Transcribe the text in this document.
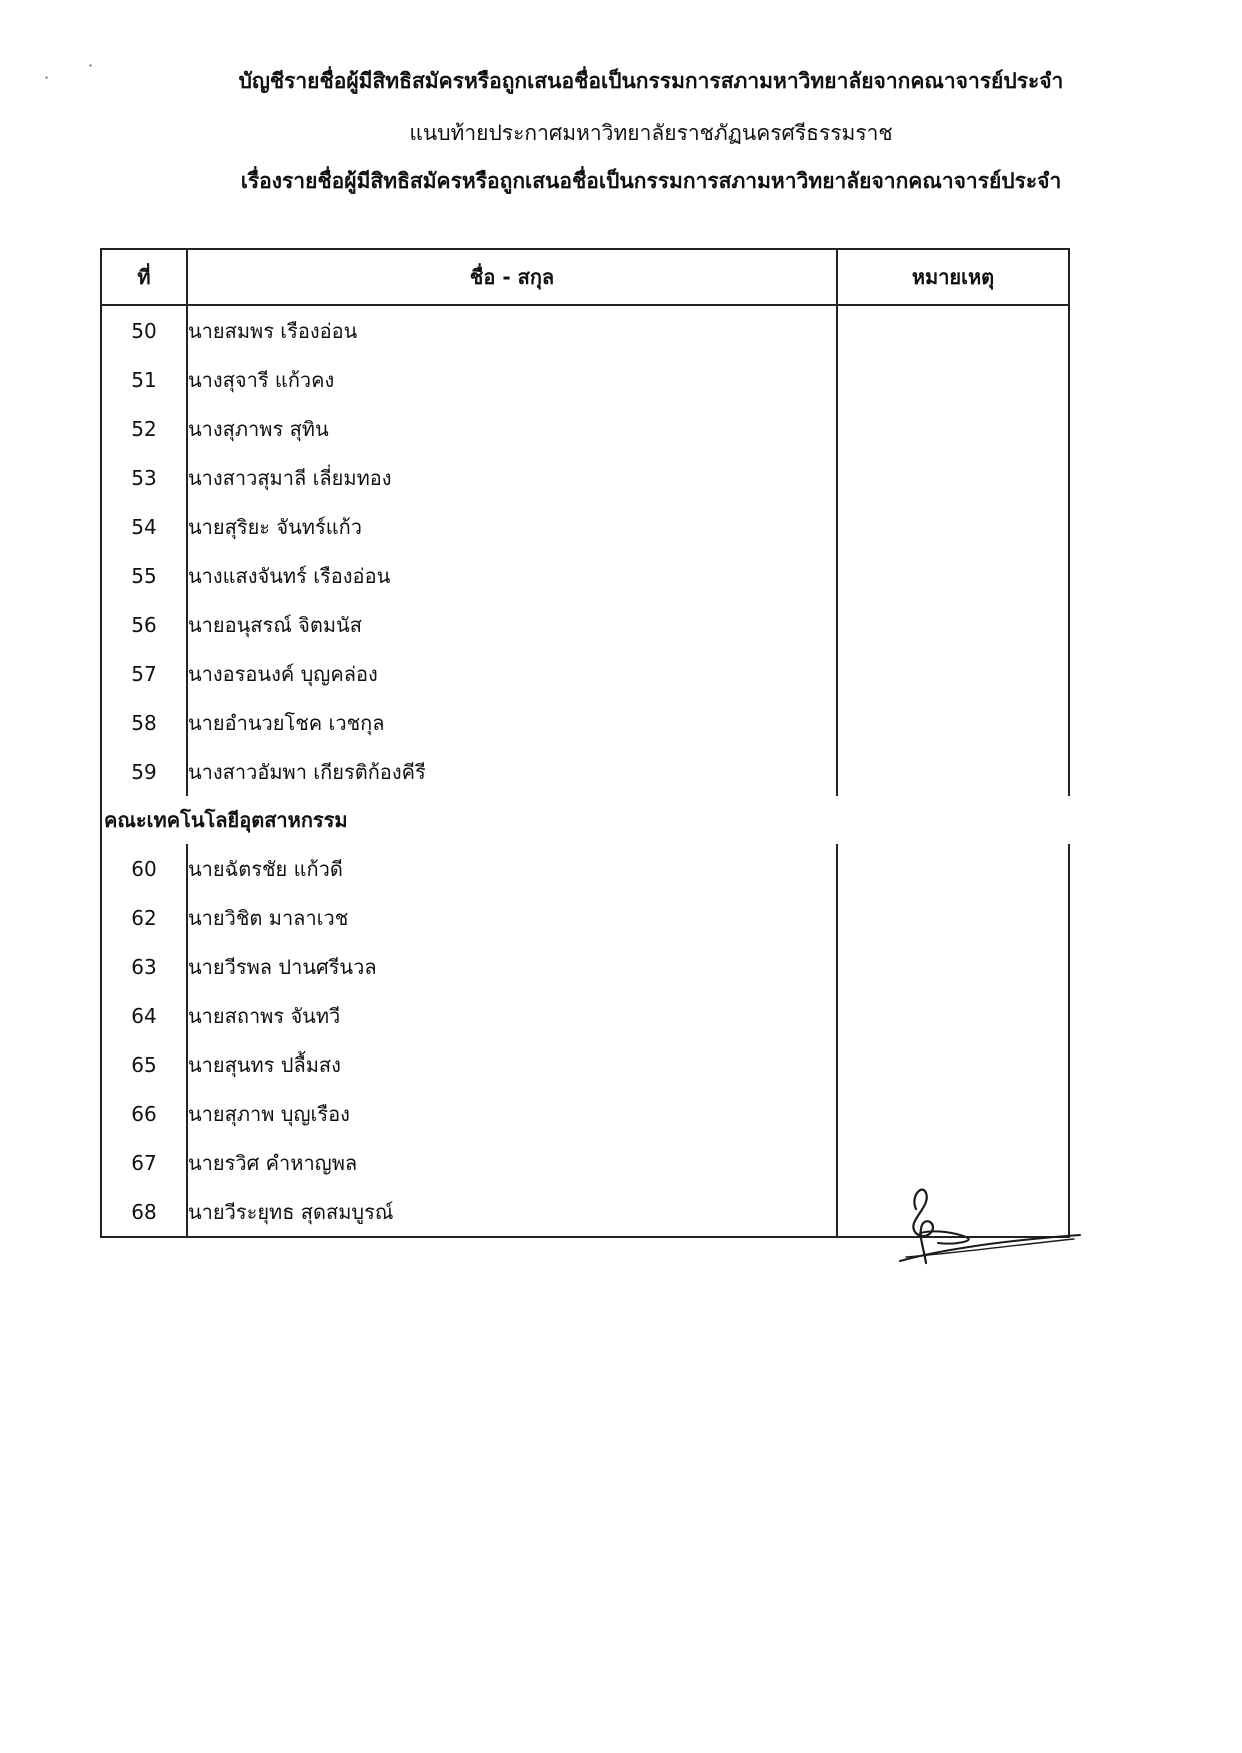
บัญชีรายชื่อผู้มีสิทธิสมัครหรือถูกเสนอชื่อเป็นกรรมการสภามหาวิทยาลัยจากคณาจารย์ประจำ
แนบท้ายประกาศมหาวิทยาลัยราชภัฏนครศรีธรรมราช
เรื่องรายชื่อผู้มีสิทธิสมัครหรือถูกเสนอชื่อเป็นกรรมการสภามหาวิทยาลัยจากคณาจารย์ประจำ
·
·
ที่	ชื่อ - สกุล	หมายเหตุ
50	นายสมพร เรืองอ่อน	
51	นางสุจารี แก้วคง	
52	นางสุภาพร สุทิน	
53	นางสาวสุมาลี เลี่ยมทอง	
54	นายสุริยะ จันทร์แก้ว	
55	นางแสงจันทร์ เรืองอ่อน	
56	นายอนุสรณ์ จิตมนัส	
57	นางอรอนงค์ บุญคล่อง	
58	นายอำนวยโชค เวชกุล	
59	นางสาวอัมพา เกียรติก้องคีรี	
คณะเทคโนโลยีอุตสาหกรรม		
60	นายฉัตรชัย แก้วดี	
62	นายวิชิต มาลาเวช	
63	นายวีรพล ปานศรีนวล	
64	นายสถาพร จันทวี	
65	นายสุนทร ปลื้มสง	
66	นายสุภาพ บุญเรือง	
67	นายรวิศ คำหาญพล	
68	นายวีระยุทธ สุดสมบูรณ์	
